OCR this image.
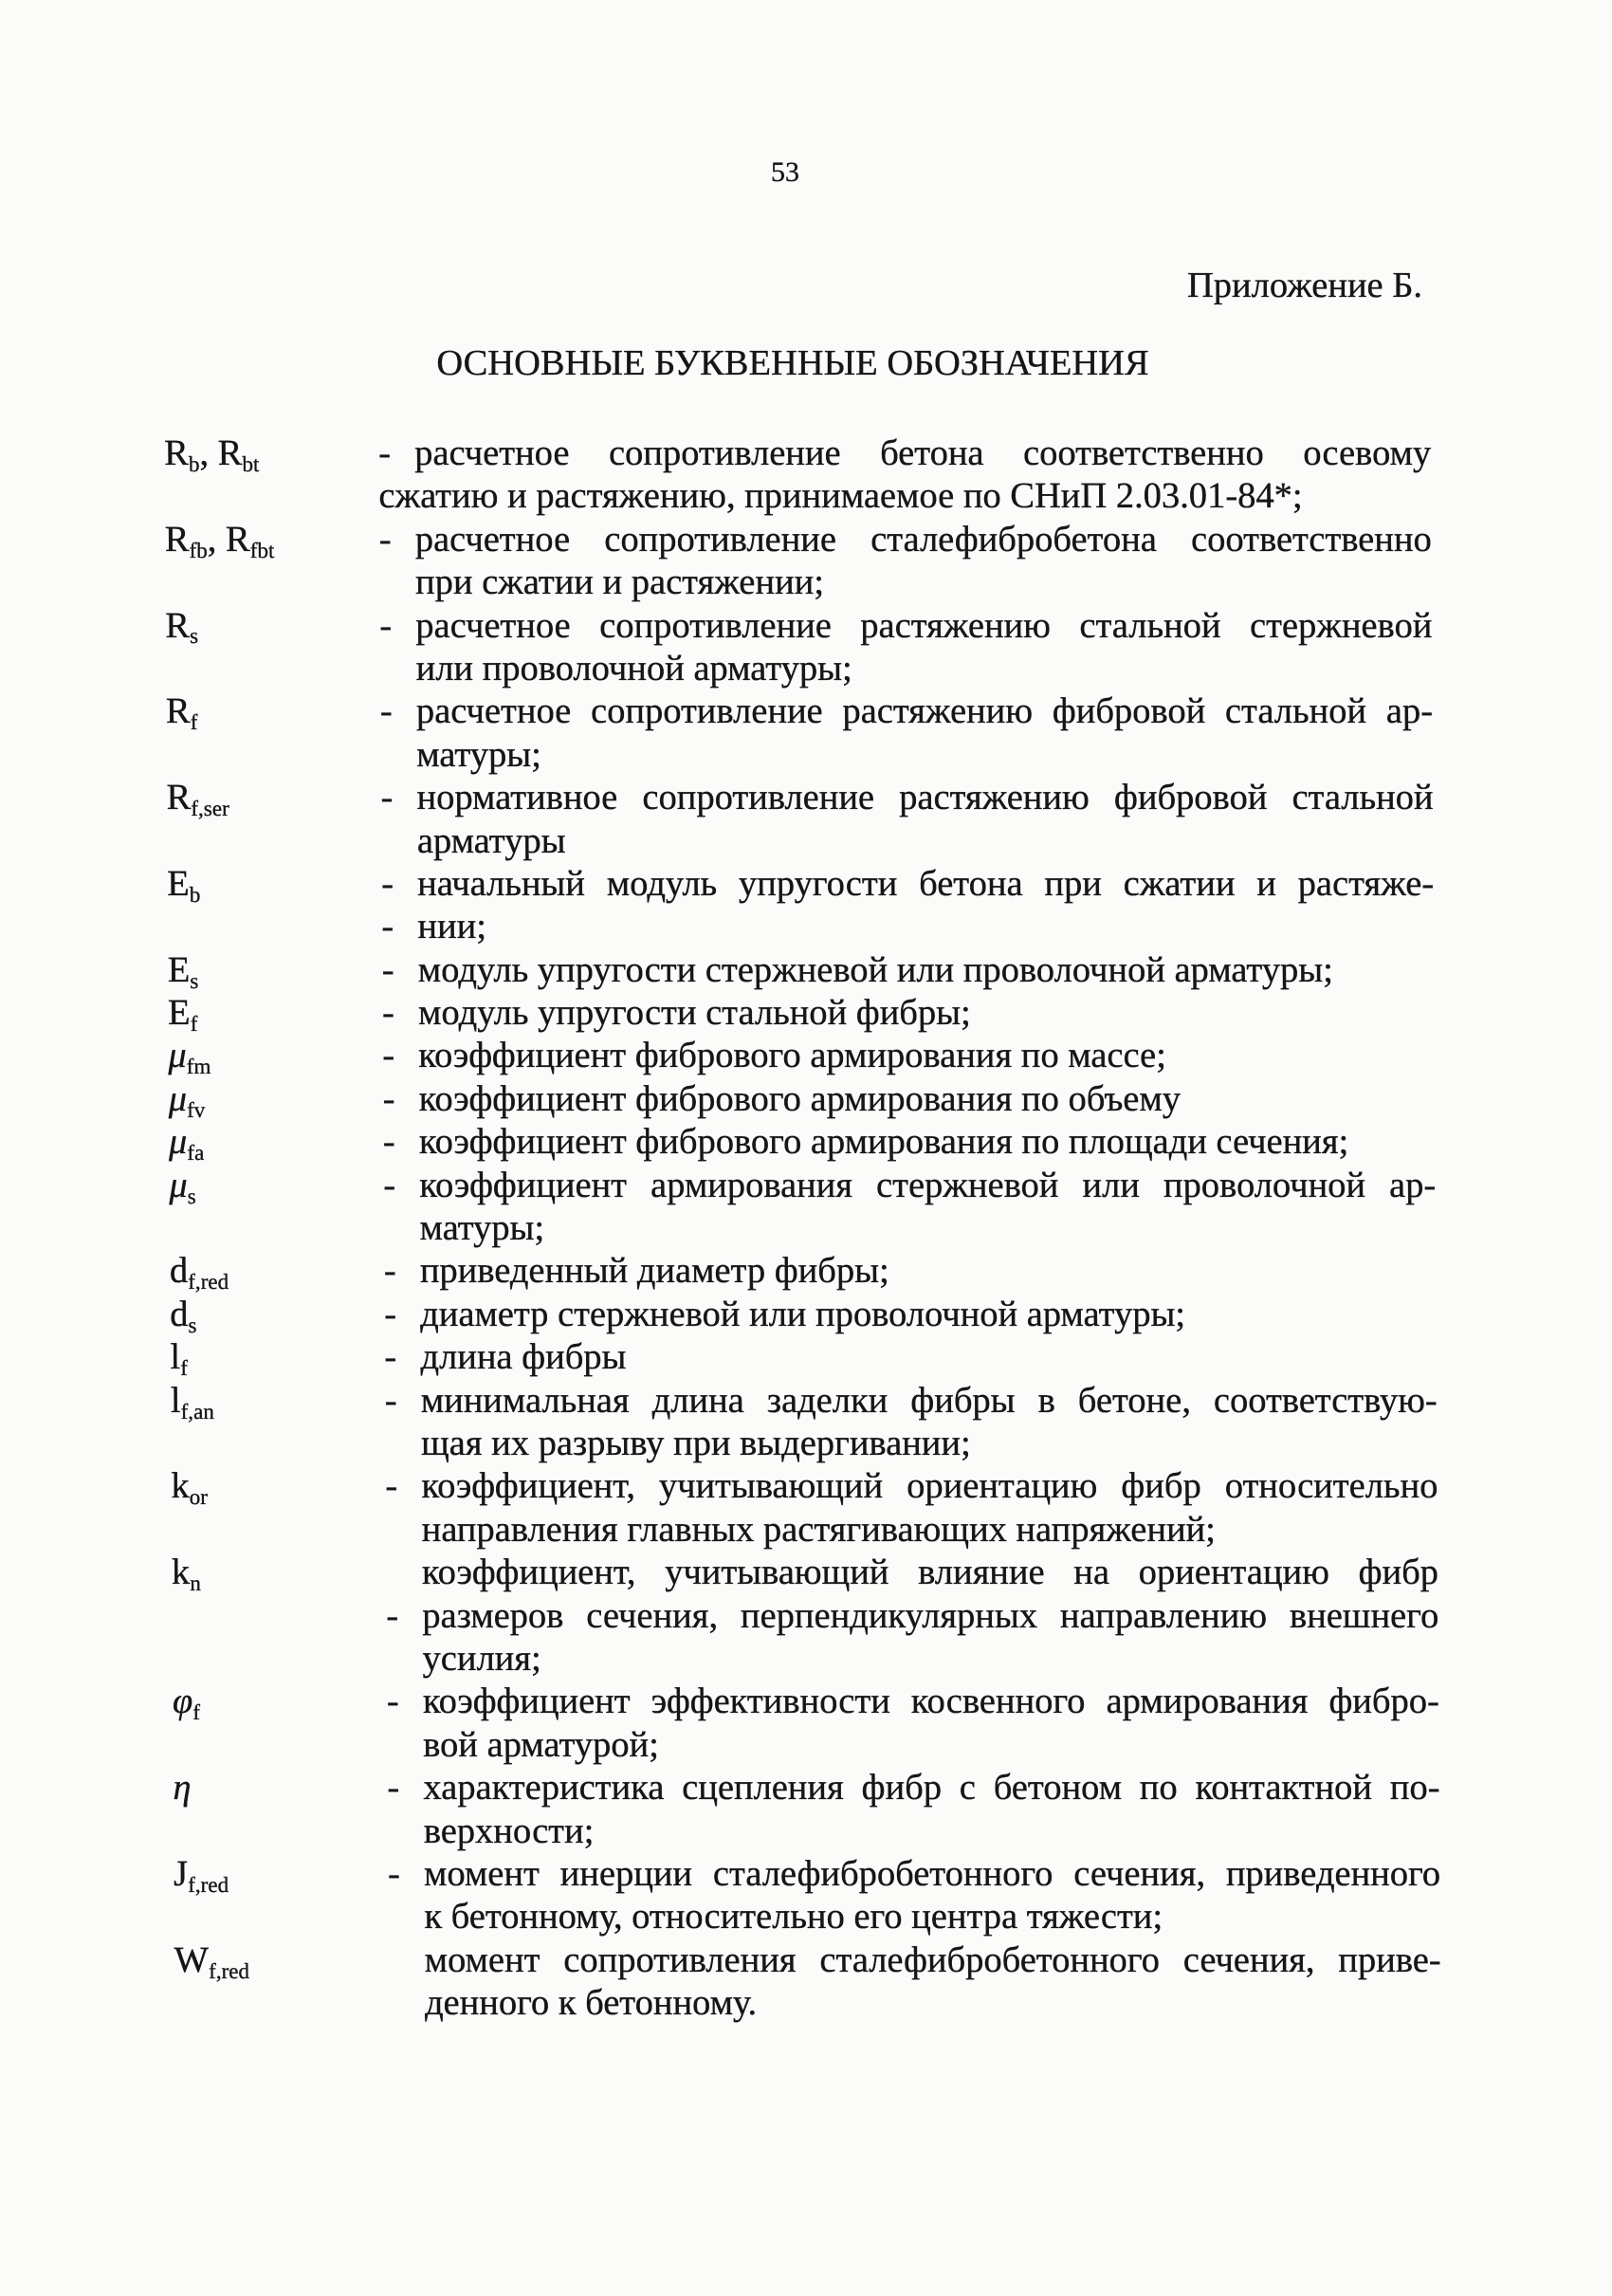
53
Приложение Б.
ОСНОВНЫЕ БУКВЕННЫЕ ОБОЗНАЧЕНИЯ
$R_b$, $R_{bt}$	- расчетное сопротивление бетона соответственно осевому
сжатию и растяжению, принимаемое по СНиП 2.03.01-84*;
$R_{fb}$, $R_{fbt}$	- расчетное сопротивление сталефибробетона соответственно
при сжатии и растяжении;
$R_s$	- расчетное сопротивление растяжению стальной стержневой
или проволочной арматуры;
$R_f$	- расчетное сопротивление растяжению фибровой стальной ар-
матуры;
$R_{f,ser}$	- нормативное сопротивление растяжению фибровой стальной
арматуры
$E_b$	- начальный модуль упругости бетона при сжатии и растяже-
- нии;
$E_s$	- модуль упругости стержневой или проволочной арматуры;
$E_f$	- модуль упругости стальной фибры;
$\mu_{fm}$	- коэффициент фибрового армирования по массе;
$\mu_{fv}$	- коэффициент фибрового армирования по объему
$\mu_{fa}$	- коэффициент фибрового армирования по площади сечения;
$\mu_s$	- коэффициент армирования стержневой или проволочной ар-
матуры;
$d_{f,red}$	- приведенный диаметр фибры;
$d_s$	- диаметр стержневой или проволочной арматуры;
$l_f$	- длина фибры
$l_{f,an}$	- минимальная длина заделки фибры в бетоне, соответствую-
щая их разрыву при выдергивании;
$k_{or}$	- коэффициент, учитывающий ориентацию фибр относительно
направления главных растягивающих напряжений;
$k_n$	коэффициент, учитывающий влияние на ориентацию фибр
- размеров сечения, перпендикулярных направлению внешнего
усилия;
$\varphi_f$	- коэффициент эффективности косвенного армирования фибро-
вой арматурой;
η	- характеристика сцепления фибр с бетоном по контактной по-
верхности;
$J_{f,red}$	- момент инерции сталефибробетонного сечения, приведенного
к бетонному, относительно его центра тяжести;
$W_{f,red}$	момент сопротивления сталефибробетонного сечения, приве-
денного к бетонному.
